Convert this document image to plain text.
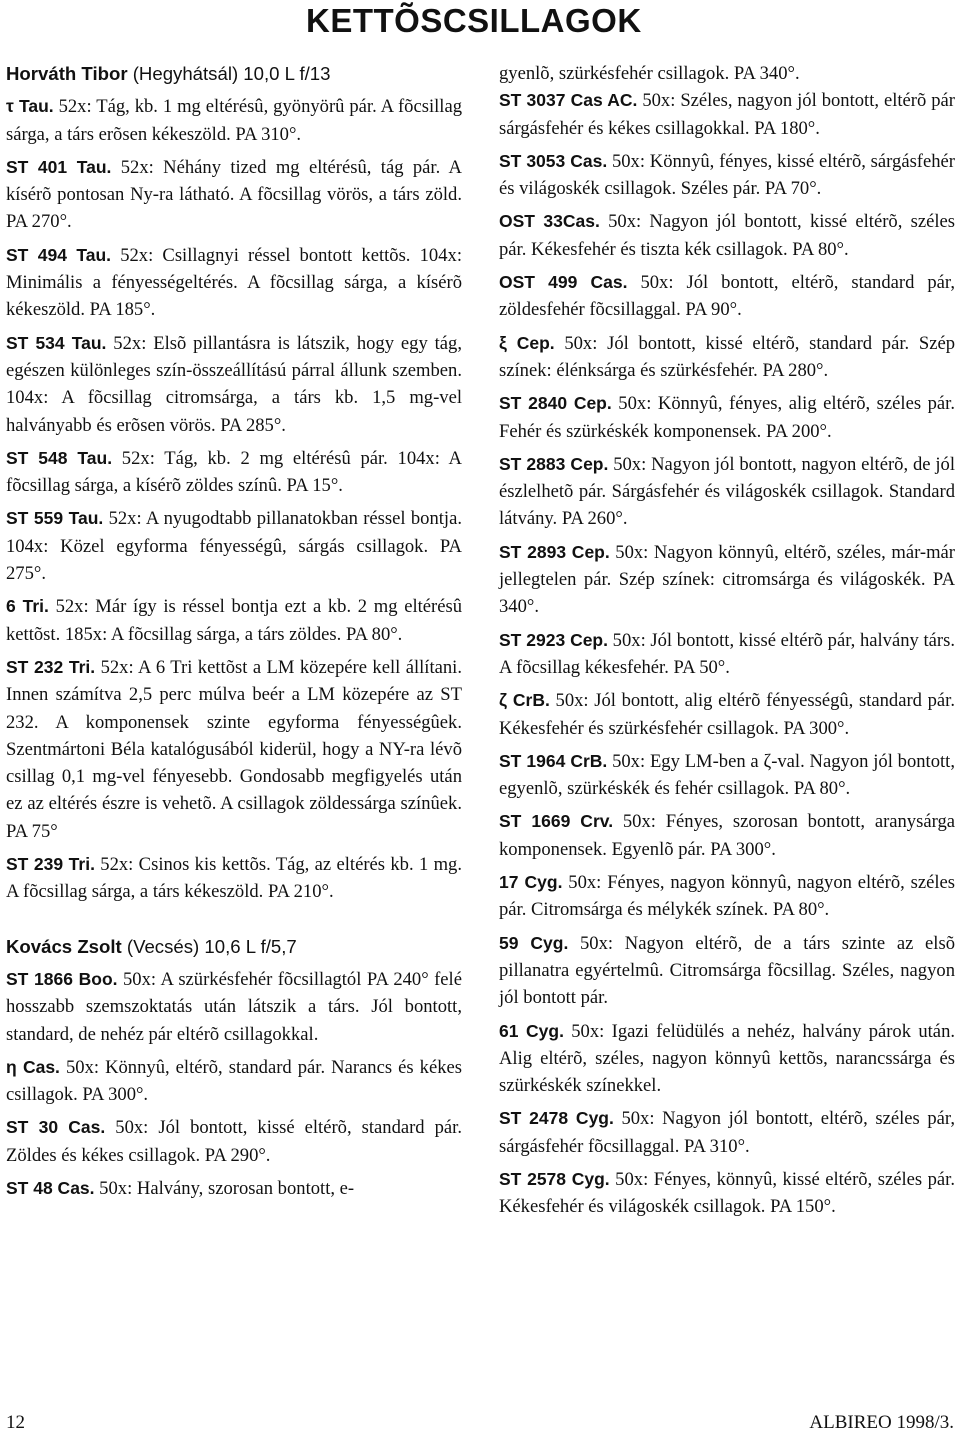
KETTÕSCSILLAGOK

Horváth Tibor (Hegyhátsál) 10,0 L f/13

τ Tau. 52x: Tág, kb. 1 mg eltérésû, gyönyörû pár. A fõcsillag sárga, a társ erõsen kékeszöld. PA 310°.

ST 401 Tau. 52x: Néhány tized mg eltérésû, tág pár. A kísérõ pontosan Ny-ra látható. A fõcsillag vörös, a társ zöld. PA 270°.

ST 494 Tau. 52x: Csillagnyi réssel bontott kettõs. 104x: Minimális a fényességeltérés. A fõcsillag sárga, a kísérõ kékeszöld. PA 185°.

ST 534 Tau. 52x: Elsõ pillantásra is látszik, hogy egy tág, egészen különleges szín-összeállítású párral állunk szemben. 104x: A fõcsillag citromsárga, a társ kb. 1,5 mg-vel halványabb és erõsen vörös. PA 285°.

ST 548 Tau. 52x: Tág, kb. 2 mg eltérésû pár. 104x: A fõcsillag sárga, a kísérõ zöldes színû. PA 15°.

ST 559 Tau. 52x: A nyugodtabb pillanatokban réssel bontja. 104x: Közel egyforma fényességû, sárgás csillagok. PA 275°.

6 Tri. 52x: Már így is réssel bontja ezt a kb. 2 mg eltérésû kettõst. 185x: A fõcsillag sárga, a társ zöldes. PA 80°.

ST 232 Tri. 52x: A 6 Tri kettõst a LM közepére kell állítani. Innen számítva 2,5 perc múlva beér a LM közepére az ST 232. A komponensek szinte egyforma fényességûek. Szentmártoni Béla katalógusából kiderül, hogy a NY-ra lévõ csillag 0,1 mg-vel fényesebb. Gondosabb megfigyelés után ez az eltérés észre is vehetõ. A csillagok zöldessárga színûek. PA 75°

ST 239 Tri. 52x: Csinos kis kettõs. Tág, az eltérés kb. 1 mg. A fõcsillag sárga, a társ kékeszöld. PA 210°.

Kovács Zsolt (Vecsés) 10,6 L f/5,7

ST 1866 Boo. 50x: A szürkésfehér fõcsillagtól PA 240° felé hosszabb szemszoktatás után látszik a társ. Jól bontott, standard, de nehéz pár eltérõ csillagokkal.

η Cas. 50x: Könnyû, eltérõ, standard pár. Narancs és kékes csillagok. PA 300°.

ST 30 Cas. 50x: Jól bontott, kissé eltérõ, standard pár. Zöldes és kékes csillagok. PA 290°.

ST 48 Cas. 50x: Halvány, szorosan bontott, e-

gyenlõ, szürkésfehér csillagok. PA 340°.

ST 3037 Cas AC. 50x: Széles, nagyon jól bontott, eltérõ pár sárgásfehér és kékes csillagokkal. PA 180°.

ST 3053 Cas. 50x: Könnyû, fényes, kissé eltérõ, sárgásfehér és világoskék csillagok. Széles pár. PA 70°.

OST 33Cas. 50x: Nagyon jól bontott, kissé eltérõ, széles pár. Kékesfehér és tiszta kék csillagok. PA 80°.

OST 499 Cas. 50x: Jól bontott, eltérõ, standard pár, zöldesfehér fõcsillaggal. PA 90°.

ξ Cep. 50x: Jól bontott, kissé eltérõ, standard pár. Szép színek: élénksárga és szürkésfehér. PA 280°.

ST 2840 Cep. 50x: Könnyû, fényes, alig eltérõ, széles pár. Fehér és szürkéskék komponensek. PA 200°.

ST 2883 Cep. 50x: Nagyon jól bontott, nagyon eltérõ, de jól észlelhetõ pár. Sárgásfehér és világoskék csillagok. Standard látvány. PA 260°.

ST 2893 Cep. 50x: Nagyon könnyû, eltérõ, széles, már-már jellegtelen pár. Szép színek: citromsárga és világoskék. PA 340°.

ST 2923 Cep. 50x: Jól bontott, kissé eltérõ pár, halvány társ. A fõcsillag kékesfehér. PA 50°.

ζ CrB. 50x: Jól bontott, alig eltérõ fényességû, standard pár. Kékesfehér és szürkésfehér csillagok. PA 300°.

ST 1964 CrB. 50x: Egy LM-ben a ζ-val. Nagyon jól bontott, egyenlõ, szürkéskék és fehér csillagok. PA 80°.

ST 1669 Crv. 50x: Fényes, szorosan bontott, aranysárga komponensek. Egyenlõ pár. PA 300°.

17 Cyg. 50x: Fényes, nagyon könnyû, nagyon eltérõ, széles pár. Citromsárga és mélykék színek. PA 80°.

59 Cyg. 50x: Nagyon eltérõ, de a társ szinte az elsõ pillanatra egyértelmû. Citromsárga fõcsillag. Széles, nagyon jól bontott pár.

61 Cyg. 50x: Igazi felüdülés a nehéz, halvány párok után. Alig eltérõ, széles, nagyon könnyû kettõs, narancssárga és szürkéskék színekkel.

ST 2478 Cyg. 50x: Nagyon jól bontott, eltérõ, széles pár, sárgásfehér fõcsillaggal. PA 310°.

ST 2578 Cyg. 50x: Fényes, könnyû, kissé eltérõ, széles pár. Kékesfehér és világoskék csillagok. PA 150°.

12	ALBIREO 1998/3.
